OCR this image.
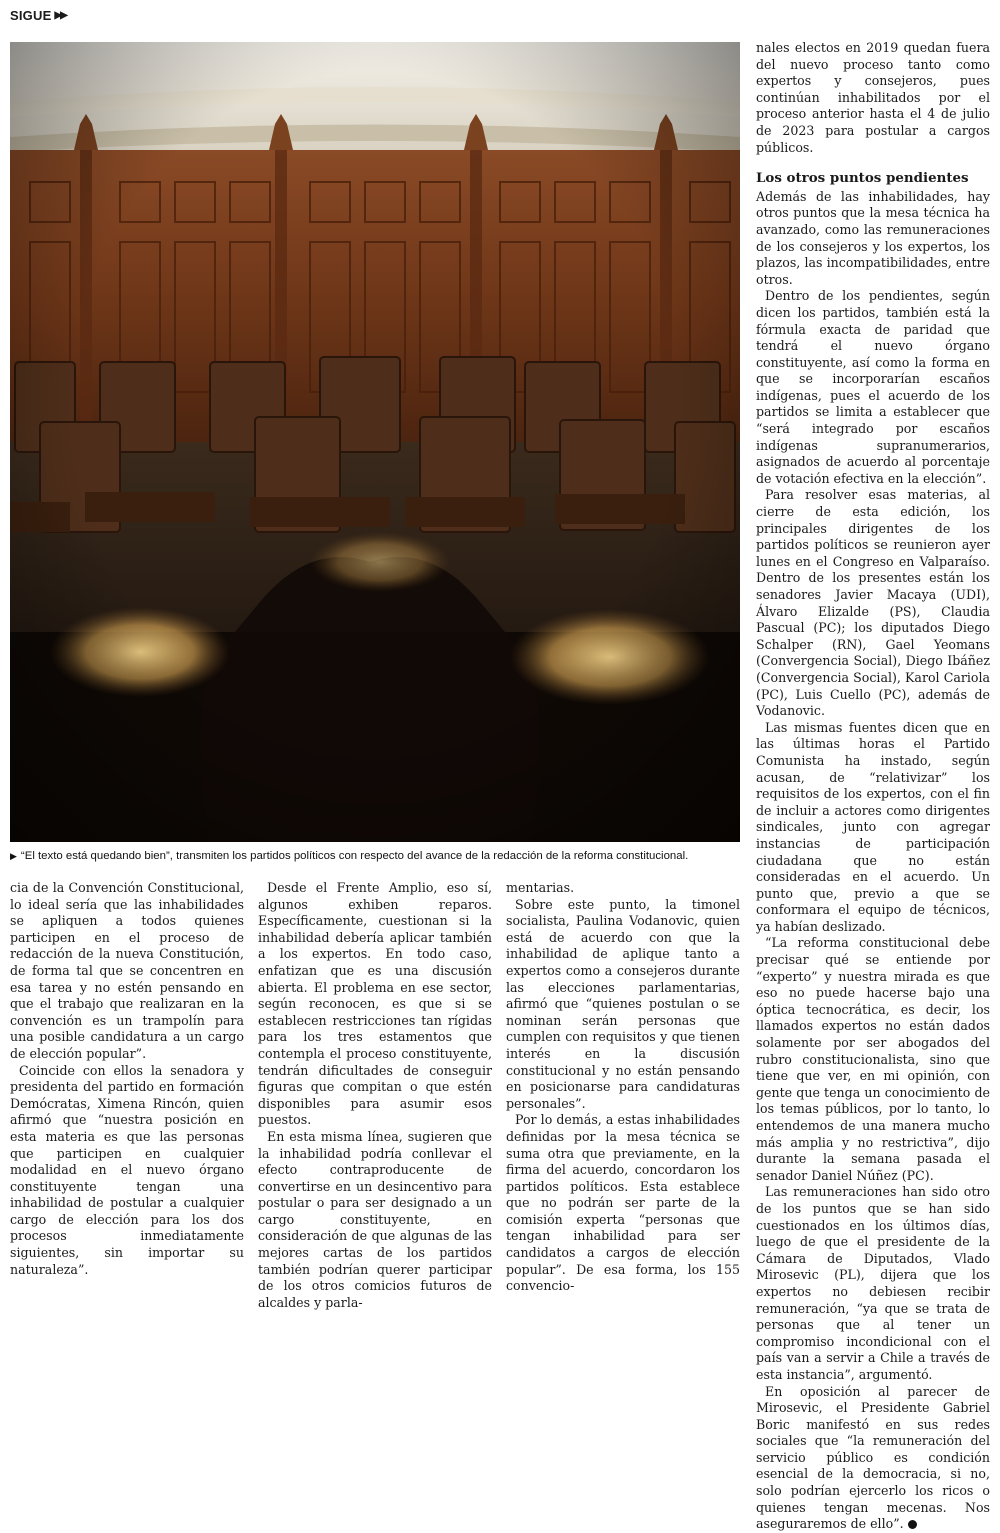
SIGUE ▶▶
▶ “El texto está quedando bien”, transmiten los partidos políticos con respecto del avance de la redacción de la reforma constitucional.

cia de la Convención Constitucional, lo ideal sería que las inhabilidades se apliquen a todos quienes participen en el proceso de redacción de la nueva Constitución, de forma tal que se concentren en esa tarea y no estén pensando en que el trabajo que realizaran en la convención es un trampolín para una posible candidatura a un cargo de elección popular”.

Coincide con ellos la senadora y presidenta del partido en formación Demócratas, Ximena Rincón, quien afirmó que “nuestra posición en esta materia es que las personas que participen en cualquier modalidad en el nuevo órgano constituyente tengan una inhabilidad de postular a cualquier cargo de elección para los dos procesos inmediatamente siguientes, sin importar su naturaleza”.

Desde el Frente Amplio, eso sí, algunos exhiben reparos. Específicamente, cuestionan si la inhabilidad debería aplicar también a los expertos. En todo caso, enfatizan que es una discusión abierta. El problema en ese sector, según reconocen, es que si se establecen restricciones tan rígidas para los tres estamentos que contempla el proceso constituyente, tendrán dificultades de conseguir figuras que compitan o que estén disponibles para asumir esos puestos.

En esta misma línea, sugieren que la inhabilidad podría conllevar el efecto contraproducente de convertirse en un desincentivo para postular o para ser designado a un cargo constituyente, en consideración de que algunas de las mejores cartas de los partidos también podrían querer participar de los otros comicios futuros de alcaldes y parla-

mentarias.

Sobre este punto, la timonel socialista, Paulina Vodanovic, quien está de acuerdo con que la inhabilidad de aplique tanto a expertos como a consejeros durante las elecciones parlamentarias, afirmó que “quienes postulan o se nominan serán personas que cumplen con requisitos y que tienen interés en la discusión constitucional y no están pensando en posicionarse para candidaturas personales”.

Por lo demás, a estas inhabilidades definidas por la mesa técnica se suma otra que previamente, en la firma del acuerdo, concordaron los partidos políticos. Esta establece que no podrán ser parte de la comisión experta “personas que tengan inhabilidad para ser candidatos a cargos de elección popular”. De esa forma, los 155 convencio-

nales electos en 2019 quedan fuera del nuevo proceso tanto como expertos y consejeros, pues continúan inhabilitados por el proceso anterior hasta el 4 de julio de 2023 para postular a cargos públicos.

Los otros puntos pendientes

Además de las inhabilidades, hay otros puntos que la mesa técnica ha avanzado, como las remuneraciones de los consejeros y los expertos, los plazos, las incompatibilidades, entre otros.

Dentro de los pendientes, según dicen los partidos, también está la fórmula exacta de paridad que tendrá el nuevo órgano constituyente, así como la forma en que se incorporarían escaños indígenas, pues el acuerdo de los partidos se limita a establecer que “será integrado por escaños indígenas supranumerarios, asignados de acuerdo al porcentaje de votación efectiva en la elección”.

Para resolver esas materias, al cierre de esta edición, los principales dirigentes de los partidos políticos se reunieron ayer lunes en el Congreso en Valparaíso. Dentro de los presentes están los senadores Javier Macaya (UDI), Álvaro Elizalde (PS), Claudia Pascual (PC); los diputados Diego Schalper (RN), Gael Yeomans (Convergencia Social), Diego Ibáñez (Convergencia Social), Karol Cariola (PC), Luis Cuello (PC), además de Vodanovic.

Las mismas fuentes dicen que en las últimas horas el Partido Comunista ha instado, según acusan, de “relativizar” los requisitos de los expertos, con el fin de incluir a actores como dirigentes sindicales, junto con agregar instancias de participación ciudadana que no están consideradas en el acuerdo. Un punto que, previo a que se conformara el equipo de técnicos, ya habían deslizado.

“La reforma constitucional debe precisar qué se entiende por “experto” y nuestra mirada es que eso no puede hacerse bajo una óptica tecnocrática, es decir, los llamados expertos no están dados solamente por ser abogados del rubro constitucionalista, sino que tiene que ver, en mi opinión, con gente que tenga un conocimiento de los temas públicos, por lo tanto, lo entendemos de una manera mucho más amplia y no restrictiva”, dijo durante la semana pasada el senador Daniel Núñez (PC).

Las remuneraciones han sido otro de los puntos que se han sido cuestionados en los últimos días, luego de que el presidente de la Cámara de Diputados, Vlado Mirosevic (PL), dijera que los expertos no debiesen recibir remuneración, “ya que se trata de personas que al tener un compromiso incondicional con el país van a servir a Chile a través de esta instancia”, argumentó.

En oposición al parecer de Mirosevic, el Presidente Gabriel Boric manifestó en sus redes sociales que “la remuneración del servicio público es condición esencial de la democracia, si no, solo podrían ejercerlo los ricos o quienes tengan mecenas. Nos aseguraremos de ello”.
